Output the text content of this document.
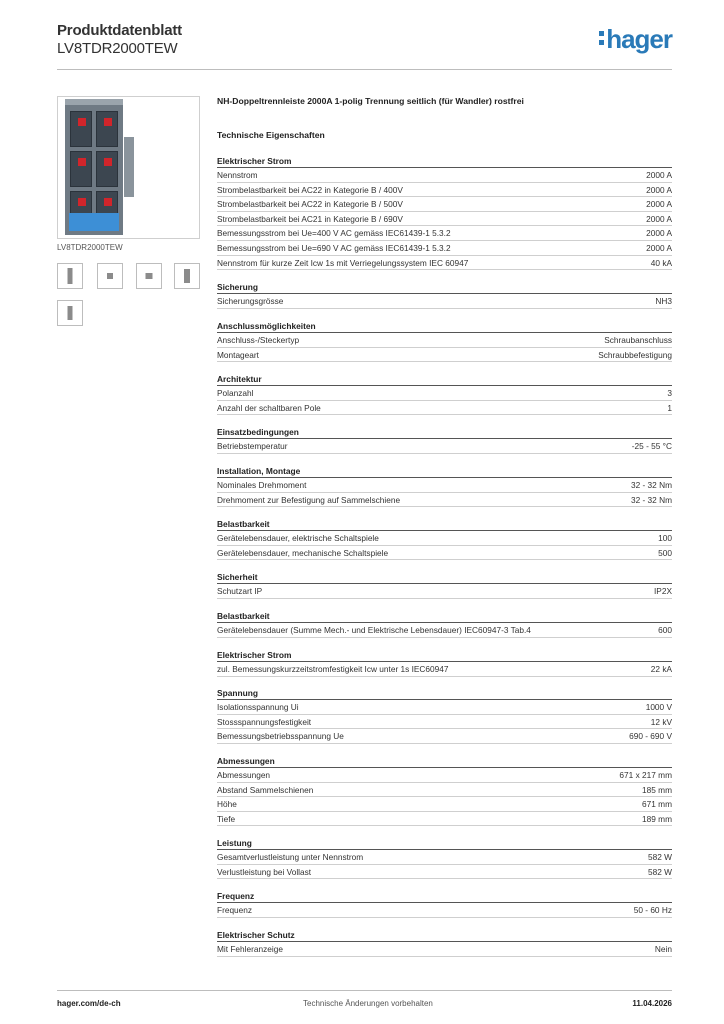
Produktdatenblatt
LV8TDR2000TEW	hager
LV8TDR2000TEW
NH-Doppeltrennleiste 2000A 1-polig Trennung seitlich (für Wandler) rostfrei
Technische Eigenschaften
Elektrischer Strom
Nennstrom	2000 A
Strombelastbarkeit bei AC22 in Kategorie B / 400V	2000 A
Strombelastbarkeit bei AC22 in Kategorie B / 500V	2000 A
Strombelastbarkeit bei AC21 in Kategorie B / 690V	2000 A
Bemessungsstrom bei Ue=400 V AC gemäss IEC61439-1 5.3.2	2000 A
Bemessungsstrom bei Ue=690 V AC gemäss IEC61439-1 5.3.2	2000 A
Nennstrom für kurze Zeit Icw 1s mit Verriegelungssystem IEC 60947	40 kA
Sicherung
Sicherungsgrösse	NH3
Anschlussmöglichkeiten
Anschluss-/Steckertyp	Schraubanschluss
Montageart	Schraubbefestigung
Architektur
Polanzahl	3
Anzahl der schaltbaren Pole	1
Einsatzbedingungen
Betriebstemperatur	-25 - 55 °C
Installation, Montage
Nominales Drehmoment	32 - 32 Nm
Drehmoment zur Befestigung auf Sammelschiene	32 - 32 Nm
Belastbarkeit
Gerätelebensdauer, elektrische Schaltspiele	100
Gerätelebensdauer, mechanische Schaltspiele	500
Sicherheit
Schutzart IP	IP2X
Belastbarkeit
Gerätelebensdauer (Summe Mech.- und Elektrische Lebensdauer) IEC60947-3 Tab.4	600
Elektrischer Strom
zul. Bemessungskurzzeitstromfestigkeit Icw unter 1s IEC60947	22 kA
Spannung
Isolationsspannung Ui	1000 V
Stossspannungsfestigkeit	12 kV
Bemessungsbetriebsspannung Ue	690 - 690 V
Abmessungen
Abmessungen	671 x 217 mm
Abstand Sammelschienen	185 mm
Höhe	671 mm
Tiefe	189 mm
Leistung
Gesamtverlustleistung unter Nennstrom	582 W
Verlustleistung bei Vollast	582 W
Frequenz
Frequenz	50 - 60 Hz
Elektrischer Schutz
Mit Fehleranzeige	Nein
hager.com/de-ch	Technische Änderungen vorbehalten	11.04.2026
